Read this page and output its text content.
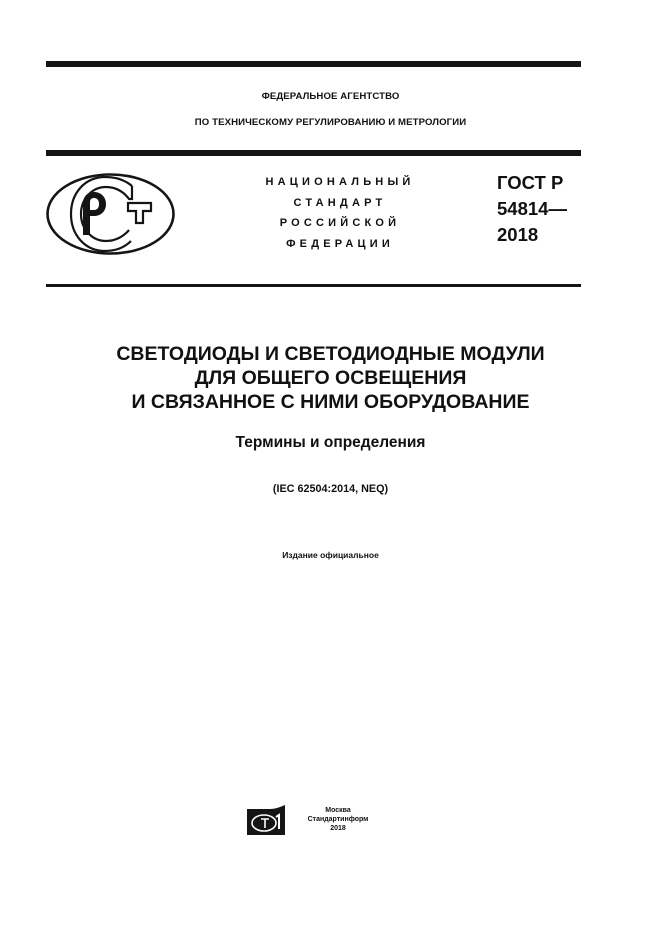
ФЕДЕРАЛЬНОЕ АГЕНТСТВО
ПО ТЕХНИЧЕСКОМУ РЕГУЛИРОВАНИЮ И МЕТРОЛОГИИ
НАЦИОНАЛЬНЫЙ
СТАНДАРТ
РОССИЙСКОЙ
ФЕДЕРАЦИИ
ГОСТ Р
54814—
2018
СВЕТОДИОДЫ И СВЕТОДИОДНЫЕ МОДУЛИ
ДЛЯ ОБЩЕГО ОСВЕЩЕНИЯ
И СВЯЗАННОЕ С НИМИ ОБОРУДОВАНИЕ
Термины и определения
(IEC 62504:2014, NEQ)
Издание официальное
Москва
Стандартинформ
2018
